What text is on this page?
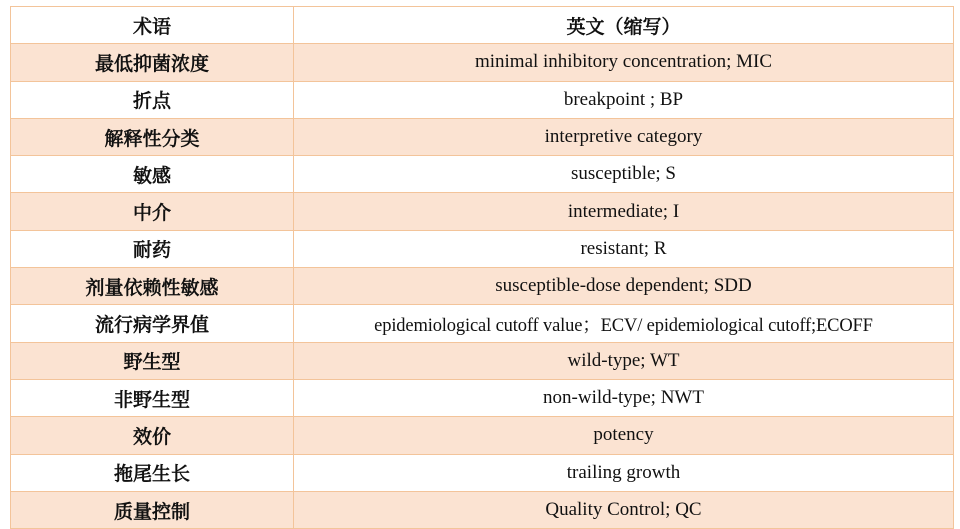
术语	英文（缩写）
最低抑菌浓度	minimal inhibitory concentration; MIC
折点	breakpoint ; BP
解释性分类	interpretive category
敏感	susceptible; S
中介	intermediate; I
耐药	resistant; R
剂量依赖性敏感	susceptible-dose dependent; SDD
流行病学界值	epidemiological cutoff value；ECV/ epidemiological cutoff;ECOFF
野生型	wild-type; WT
非野生型	non-wild-type; NWT
效价	potency
拖尾生长	trailing growth
质量控制	Quality Control; QC
